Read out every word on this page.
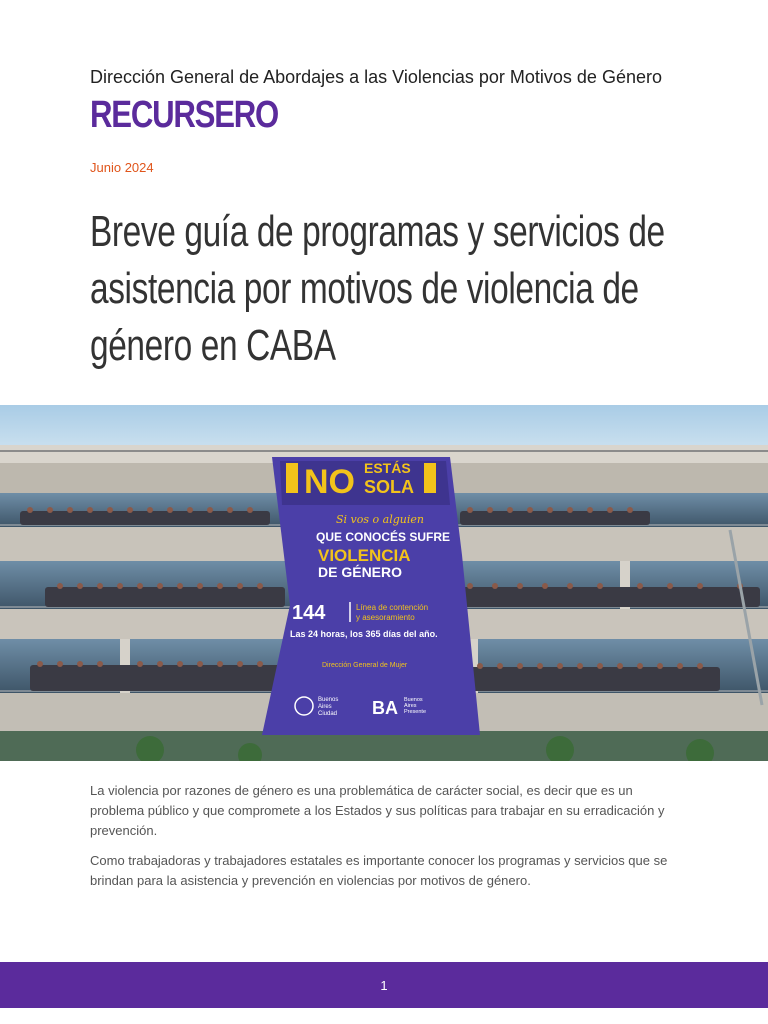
Dirección General de Abordajes a las Violencias por Motivos de Género
RECURSERO
Junio 2024
Breve guía de programas y servicios de asistencia por motivos de violencia de género en CABA
NO ESTÁS
SOLA
Si vos o alguien
QUE CONOCÉS SUFRE
VIOLENCIA
DE GÉNERO
144	Línea de contención
y asesoramiento
Las 24 horas, los 365 días del año.
Dirección General de Mujer
Buenos
Aires
Ciudad BA Buenos
Aires
Presente

La violencia por razones de género es una problemática de carácter social, es decir que es un problema público y que compromete a los Estados y sus políticas para trabajar en su erradicación y prevención.

Como trabajadoras y trabajadores estatales es importante conocer los programas y servicios que se brindan para la asistencia y prevención en violencias por motivos de género.

1
